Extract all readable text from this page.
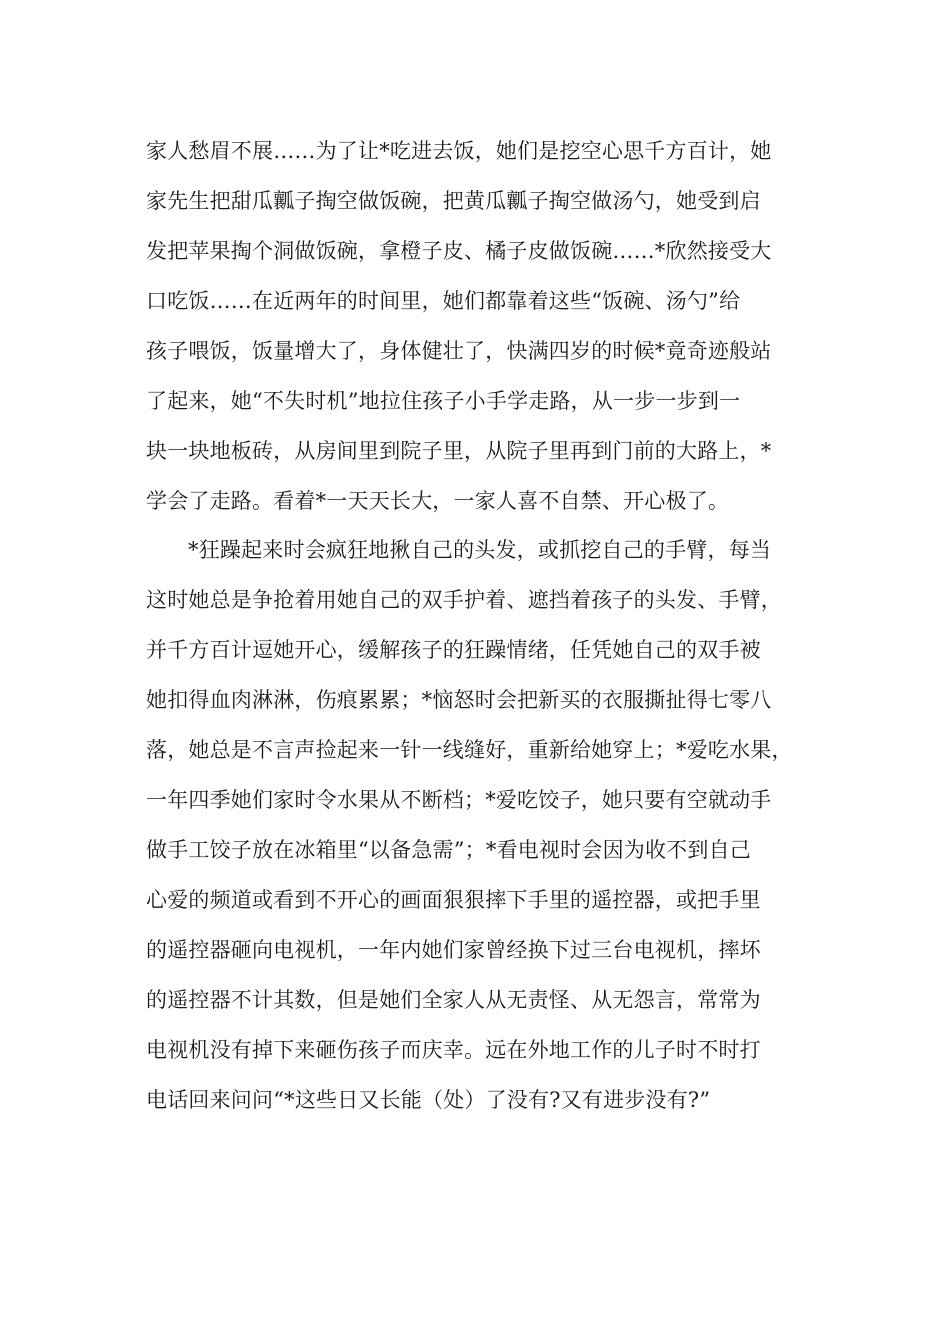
家人愁眉不展……为了让*吃进去饭，她们是挖空心思千方百计，她
家先生把甜瓜瓤子掏空做饭碗，把黄瓜瓤子掏空做汤勺，她受到启
发把苹果掏个洞做饭碗，拿橙子皮、橘子皮做饭碗……*欣然接受大
口吃饭……在近两年的时间里，她们都靠着这些“饭碗、汤勺”给
孩子喂饭，饭量增大了，身体健壮了，快满四岁的时候*竟奇迹般站
了起来，她“不失时机”地拉住孩子小手学走路，从一步一步到一
块一块地板砖，从房间里到院子里，从院子里再到门前的大路上，*
学会了走路。看着*一天天长大，一家人喜不自禁、开心极了。
*狂躁起来时会疯狂地揪自己的头发，或抓挖自己的手臂，每当
这时她总是争抢着用她自己的双手护着、遮挡着孩子的头发、手臂，
并千方百计逗她开心，缓解孩子的狂躁情绪，任凭她自己的双手被
她扣得血肉淋淋，伤痕累累；*恼怒时会把新买的衣服撕扯得七零八
落，她总是不言声捡起来一针一线缝好，重新给她穿上；*爱吃水果，
一年四季她们家时令水果从不断档；*爱吃饺子，她只要有空就动手
做手工饺子放在冰箱里“以备急需”；*看电视时会因为收不到自己
心爱的频道或看到不开心的画面狠狠摔下手里的遥控器，或把手里
的遥控器砸向电视机，一年内她们家曾经换下过三台电视机，摔坏
的遥控器不计其数，但是她们全家人从无责怪、从无怨言，常常为
电视机没有掉下来砸伤孩子而庆幸。远在外地工作的儿子时不时打
电话回来问问“*这些日又长能（处）了没有?又有进步没有?”
